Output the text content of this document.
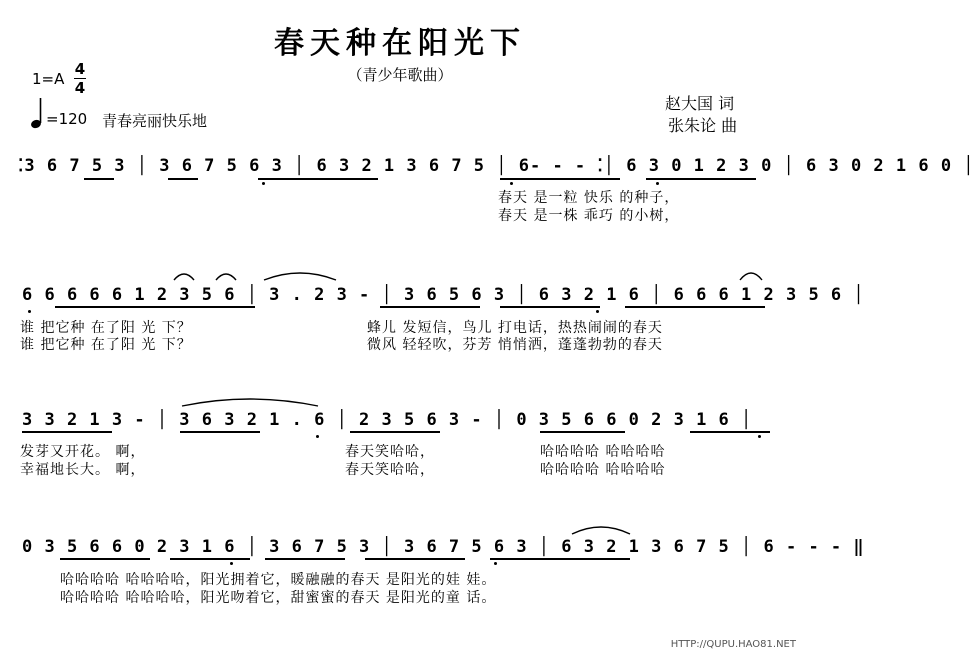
春天种在阳光下
（青少年歌曲）
1=A
4
4
=120 青春亮丽快乐地
赵大国 词
张朱论 曲
⁚3 6 7 5 3 │ 3 6 7 5 6 3 │ 6 3 2 1 3 6 7 5 │ 6- - - ⁚│ 6 3 0 1 2 3 0 │ 6 3 0 2 1 6 0 │
春天 是一粒 快乐 的种子，
春天 是一株 乖巧 的小树，
6 6 6 6 6 1 2 3 5 6 │ 3 . 2 3 - │ 3 6 5 6 3 │ 6 3 2 1 6 │ 6 6 6 1 2 3 5 6 │
谁 把它种 在了阳 光 下？
谁 把它种 在了阳 光 下？
蜂儿 发短信，鸟儿 打电话，热热闹闹的春天
微风 轻轻吹，芬芳 悄悄洒，蓬蓬勃勃的春天
3 3 2 1 3 - │ 3 6 3 2 1 . 6 │ 2 3 5 6 3 - │ 0 3 5 6 6 0 2 3 1 6 │
发芽又开花。 啊，
幸福地长大。 啊，
春天笑哈哈，
春天笑哈哈，
哈哈哈哈 哈哈哈哈
哈哈哈哈 哈哈哈哈
0 3 5 6 6 0 2 3 1 6 │ 3 6 7 5 3 │ 3 6 7 5 6 3 │ 6 3 2 1 3 6 7 5 │ 6 - - - ‖
哈哈哈哈 哈哈哈哈，阳光拥着它，暖融融的春天 是阳光的娃 娃。
哈哈哈哈 哈哈哈哈，阳光吻着它，甜蜜蜜的春天 是阳光的童 话。
HTTP://QUPU.HAO81.NET
